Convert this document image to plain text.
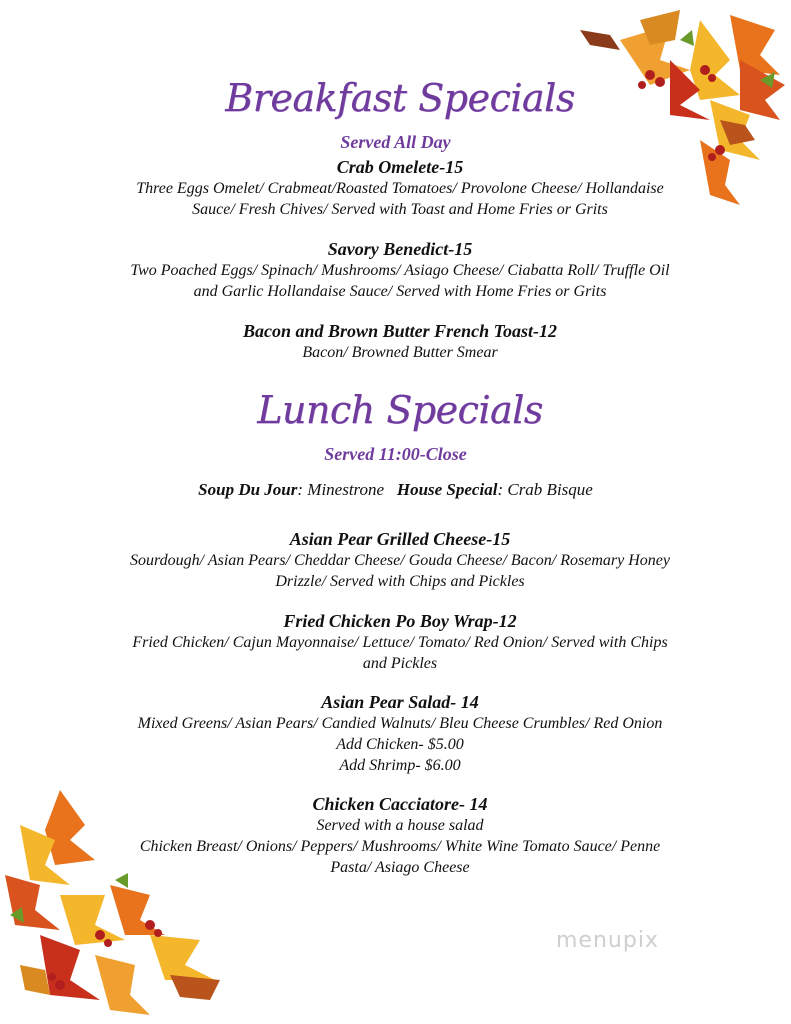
Breakfast Specials
Served All Day
Crab Omelete-15
Three Eggs Omelet/ Crabmeat/Roasted Tomatoes/ Provolone Cheese/ Hollandaise
Sauce/ Fresh Chives/ Served with Toast and Home Fries or Grits
Savory Benedict-15
Two Poached Eggs/ Spinach/ Mushrooms/ Asiago Cheese/ Ciabatta Roll/ Truffle Oil
and Garlic Hollandaise Sauce/ Served with Home Fries or Grits
Bacon and Brown Butter French Toast-12
Bacon/ Browned Butter Smear
Lunch Specials
Served 11:00-Close
Soup Du Jour: Minestrone House Special: Crab Bisque
Asian Pear Grilled Cheese-15
Sourdough/ Asian Pears/ Cheddar Cheese/ Gouda Cheese/ Bacon/ Rosemary Honey
Drizzle/ Served with Chips and Pickles
Fried Chicken Po Boy Wrap-12
Fried Chicken/ Cajun Mayonnaise/ Lettuce/ Tomato/ Red Onion/ Served with Chips
and Pickles
Asian Pear Salad- 14
Mixed Greens/ Asian Pears/ Candied Walnuts/ Bleu Cheese Crumbles/ Red Onion
Add Chicken- $5.00
Add Shrimp- $6.00
Chicken Cacciatore- 14
Served with a house salad
Chicken Breast/ Onions/ Peppers/ Mushrooms/ White Wine Tomato Sauce/ Penne
Pasta/ Asiago Cheese
menupix
